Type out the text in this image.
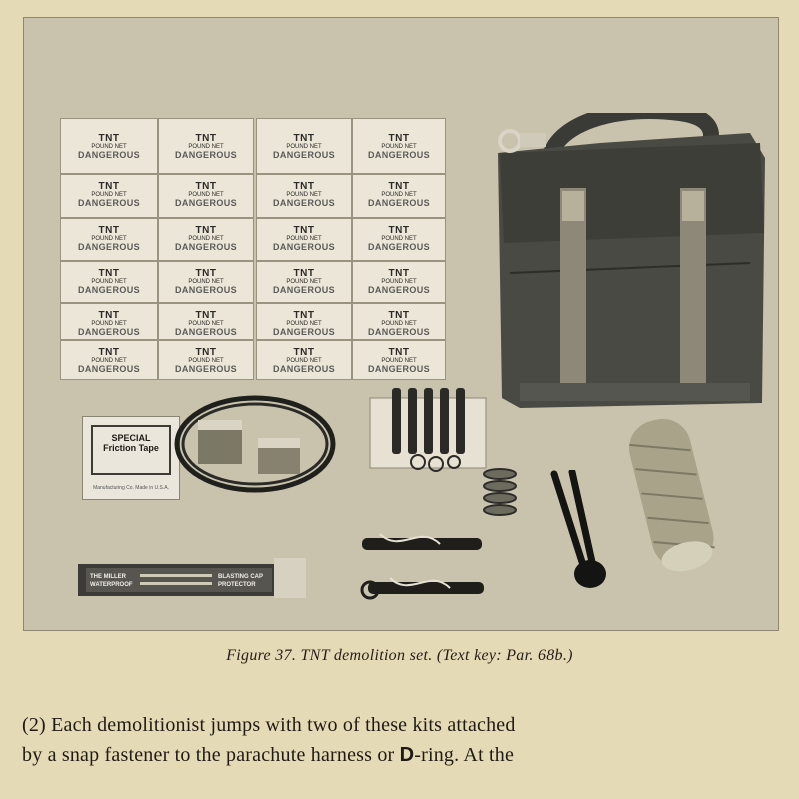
TNT
POUND NET
DANGEROUS
TNT
POUND NET
DANGEROUS
TNT
POUND NET
DANGEROUS
TNT
POUND NET
DANGEROUS
TNT
POUND NET
DANGEROUS
TNT
POUND NET
DANGEROUS
TNT
POUND NET
DANGEROUS
TNT
POUND NET
DANGEROUS
TNT
POUND NET
DANGEROUS
TNT
POUND NET
DANGEROUS
TNT
POUND NET
DANGEROUS
TNT
POUND NET
DANGEROUS
TNT
POUND NET
DANGEROUS
TNT
POUND NET
DANGEROUS
TNT
POUND NET
DANGEROUS
TNT
POUND NET
DANGEROUS
TNT
POUND NET
DANGEROUS
TNT
POUND NET
DANGEROUS
TNT
POUND NET
DANGEROUS
TNT
POUND NET
DANGEROUS
TNT
POUND NET
DANGEROUS
TNT
POUND NET
DANGEROUS
TNT
POUND NET
DANGEROUS
TNT
POUND NET
DANGEROUS
SPECIAL
Friction Tape
Manufacturing Co. Made in U.S.A.
THE MILLER
WATERPROOF
BLASTING CAP
PROTECTOR
Figure 37. TNT demolition set. (Text key: Par. 68b.)
(2) Each demolitionist jumps with two of these kits attached
by a snap fastener to the parachute harness or D-ring. At the
